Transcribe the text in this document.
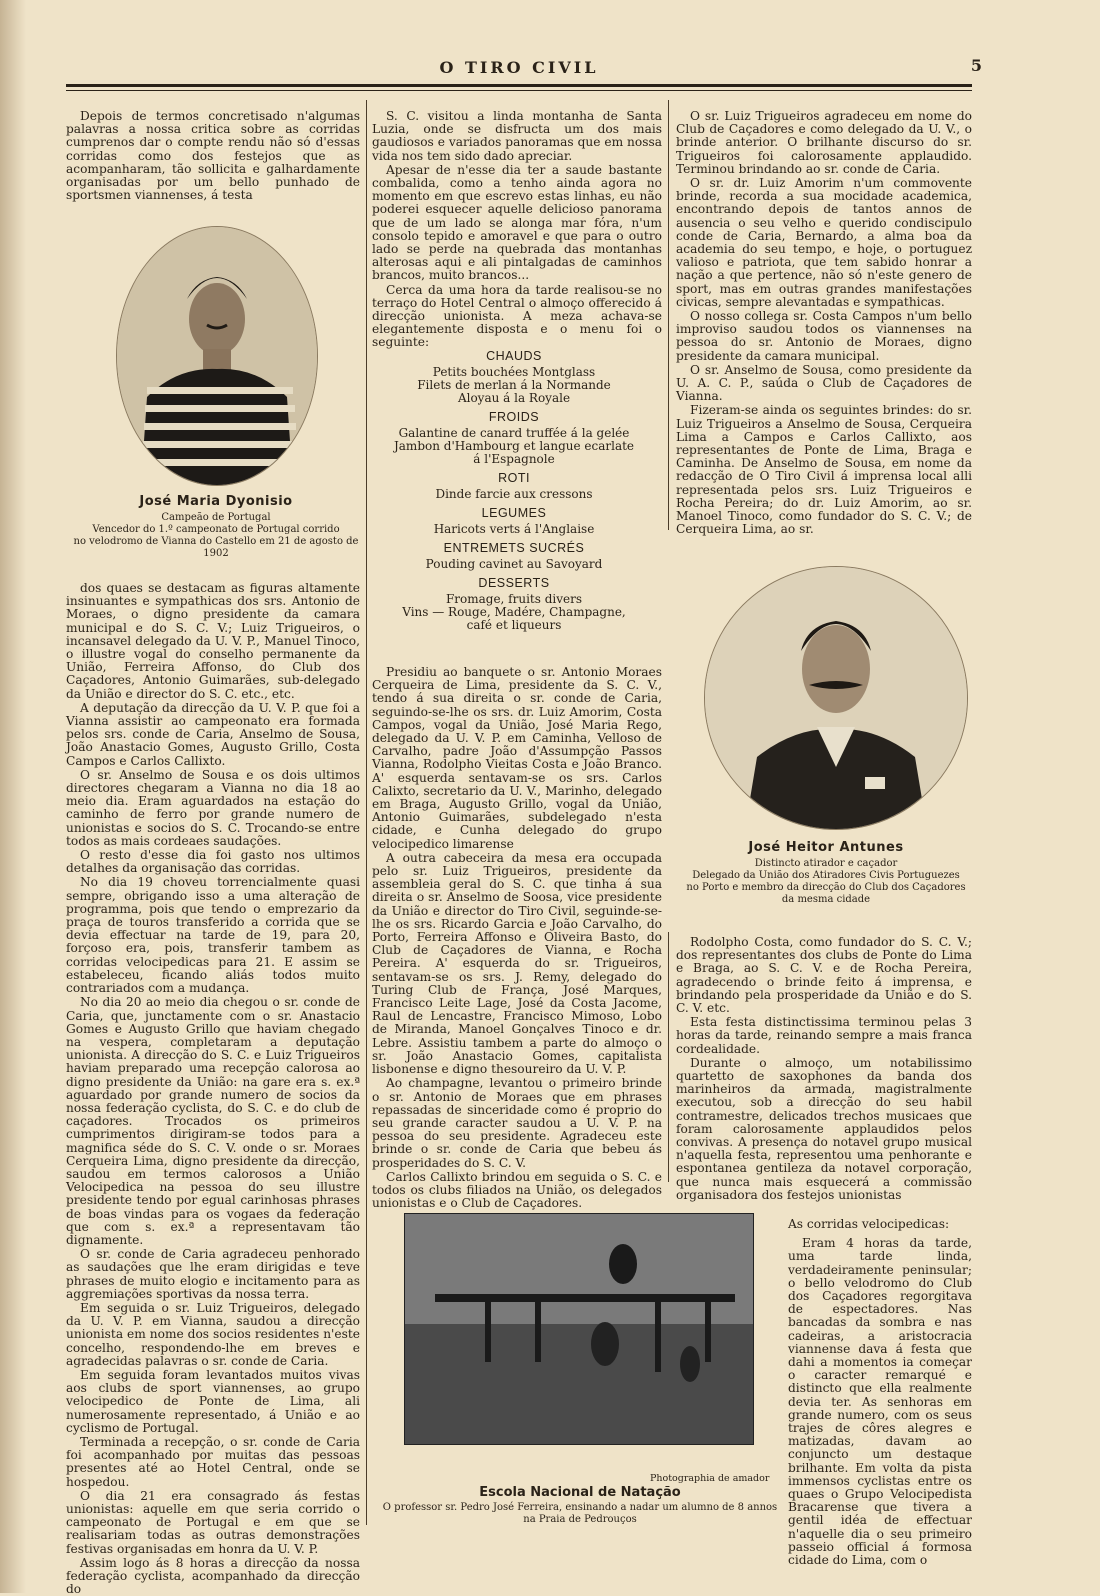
O TIRO CIVIL	5

Depois de termos concretisado n'algumas palavras a nossa critica sobre as corridas cumprenos dar o compte rendu não só d'essas corridas como dos festejos que as acompanharam, tão sollicita e galhardamente organisadas por um bello punhado de sportsmen viannenses, á testa

José Maria Dyonisio
Campeão de Portugal
Vencedor do 1.º campeonato de Portugal corrido
no velodromo de Vianna do Castello em 21 de agosto de 1902

dos quaes se destacam as figuras altamente insinuantes e sympathicas dos srs. Antonio de Moraes, o digno presidente da camara municipal e do S. C. V.; Luiz Trigueiros, o incansavel delegado da U. V. P., Manuel Tinoco, o illustre vogal do conselho permanente da União, Ferreira Affonso, do Club dos Caçadores, Antonio Guimarães, sub-delegado da União e director do S. C. etc., etc.

A deputação da direcção da U. V. P. que foi a Vianna assistir ao campeonato era formada pelos srs. conde de Caria, Anselmo de Sousa, João Anastacio Gomes, Augusto Grillo, Costa Campos e Carlos Callixto.

O sr. Anselmo de Sousa e os dois ultimos directores chegaram a Vianna no dia 18 ao meio dia. Eram aguardados na estação do caminho de ferro por grande numero de unionistas e socios do S. C. Trocando-se entre todos as mais cordeaes saudações.

O resto d'esse dia foi gasto nos ultimos detalhes da organisação das corridas.

No dia 19 choveu torrencialmente quasi sempre, obrigando isso a uma alteração de programma, pois que tendo o emprezario da praça de touros transferido a corrida que se devia effectuar na tarde de 19, para 20, forçoso era, pois, transferir tambem as corridas velocipedicas para 21. E assim se estabeleceu, ficando aliás todos muito contrariados com a mudança.

No dia 20 ao meio dia chegou o sr. conde de Caria, que, junctamente com o sr. Anastacio Gomes e Augusto Grillo que haviam chegado na vespera, completaram a deputação unionista. A direcção do S. C. e Luiz Trigueiros haviam preparado uma recepção calorosa ao digno presidente da União: na gare era s. ex.ª aguardado por grande numero de socios da nossa federação cyclista, do S. C. e do club de caçadores. Trocados os primeiros cumprimentos dirigiram-se todos para a magnifica séde do S. C. V. onde o sr. Moraes Cerqueira Lima, digno presidente da direcção, saudou em termos calorosos a União Velocipedica na pessoa do seu illustre presidente tendo por egual carinhosas phrases de boas vindas para os vogaes da federação que com s. ex.ª a representavam tão dignamente.

O sr. conde de Caria agradeceu penhorado as saudações que lhe eram dirigidas e teve phrases de muito elogio e incitamento para as aggremiações sportivas da nossa terra.

Em seguida o sr. Luiz Trigueiros, delegado da U. V. P. em Vianna, saudou a direcção unionista em nome dos socios residentes n'este concelho, respondendo-lhe em breves e agradecidas palavras o sr. conde de Caria.

Em seguida foram levantados muitos vivas aos clubs de sport viannenses, ao grupo velocipedico de Ponte de Lima, ali numerosamente representado, á União e ao cyclismo de Portugal.

Terminada a recepção, o sr. conde de Caria foi acompanhado por muitas das pessoas presentes até ao Hotel Central, onde se hospedou.

O dia 21 era consagrado ás festas unionistas: aquelle em que seria corrido o campeonato de Portugal e em que se realisariam todas as outras demonstrações festivas organisadas em honra da U. V. P.

Assim logo ás 8 horas a direcção da nossa federação cyclista, acompanhado da direcção do

S. C. visitou a linda montanha de Santa Luzia, onde se disfructa um dos mais gaudiosos e variados panoramas que em nossa vida nos tem sido dado apreciar.

Apesar de n'esse dia ter a saude bastante combalida, como a tenho ainda agora no momento em que escrevo estas linhas, eu não poderei esquecer aquelle delicioso panorama que de um lado se alonga mar fóra, n'um consolo tepido e amoravel e que para o outro lado se perde na quebrada das montanhas alterosas aqui e ali pintalgadas de caminhos brancos, muito brancos...

Cerca da uma hora da tarde realisou-se no terraço do Hotel Central o almoço offerecido á direcção unionista. A meza achava-se elegantemente disposta e o menu foi o seguinte:

CHAUDS
Petits bouchées Montglass
Filets de merlan á la Normande
Aloyau á la Royale
FROIDS
Galantine de canard truffée á la gelée
Jambon d'Hambourg et langue ecarlate
á l'Espagnole
ROTI
Dinde farcie aux cressons
LEGUMES
Haricots verts á l'Anglaise
ENTREMETS SUCRÉS
Pouding cavinet au Savoyard
DESSERTS
Fromage, fruits divers
Vins — Rouge, Madére, Champagne,
café et liqueurs

Presidiu ao banquete o sr. Antonio Moraes Cerqueira de Lima, presidente da S. C. V., tendo á sua direita o sr. conde de Caria, seguindo-se-lhe os srs. dr. Luiz Amorim, Costa Campos, vogal da União, José Maria Rego, delegado da U. V. P. em Caminha, Velloso de Carvalho, padre João d'Assumpção Passos Vianna, Rodolpho Vieitas Costa e João Branco. A' esquerda sentavam-se os srs. Carlos Calixto, secretario da U. V., Marinho, delegado em Braga, Augusto Grillo, vogal da União, Antonio Guimarães, subdelegado n'esta cidade, e Cunha delegado do grupo velocipedico limarense

A outra cabeceira da mesa era occupada pelo sr. Luiz Trigueiros, presidente da assembleia geral do S. C. que tinha á sua direita o sr. Anselmo de Soosa, vice presidente da União e director do Tiro Civil, seguinde-se-lhe os srs. Ricardo Garcia e João Carvalho, do Porto, Ferreira Affonso e Oliveira Basto, do Club de Caçadores de Vianna, e Rocha Pereira. A' esquerda do sr. Trigueiros, sentavam-se os srs. J. Remy, delegado do Turing Club de França, José Marques, Francisco Leite Lage, José da Costa Jacome, Raul de Lencastre, Francisco Mimoso, Lobo de Miranda, Manoel Gonçalves Tinoco e dr. Lebre. Assistiu tambem a parte do almoço o sr. João Anastacio Gomes, capitalista lisbonense e digno thesoureiro da U. V. P.

Ao champagne, levantou o primeiro brinde o sr. Antonio de Moraes que em phrases repassadas de sinceridade como é proprio do seu grande caracter saudou a U. V. P. na pessoa do seu presidente. Agradeceu este brinde o sr. conde de Caria que bebeu ás prosperidades do S. C. V.

Carlos Callixto brindou em seguida o S. C. e todos os clubs filiados na União, os delegados unionistas e o Club de Caçadores.

O sr. Luiz Trigueiros agradeceu em nome do Club de Caçadores e como delegado da U. V., o brinde anterior. O brilhante discurso do sr. Trigueiros foi calorosamente applaudido. Terminou brindando ao sr. conde de Caria.

O sr. dr. Luiz Amorim n'um commovente brinde, recorda a sua mocidade academica, encontrando depois de tantos annos de ausencia o seu velho e querido condiscipulo conde de Caria, Bernardo, a alma boa da academia do seu tempo, e hoje, o portuguez valioso e patriota, que tem sabido honrar a nação a que pertence, não só n'este genero de sport, mas em outras grandes manifestações civicas, sempre alevantadas e sympathicas.

O nosso collega sr. Costa Campos n'um bello improviso saudou todos os viannenses na pessoa do sr. Antonio de Moraes, digno presidente da camara municipal.

O sr. Anselmo de Sousa, como presidente da U. A. C. P., saúda o Club de Caçadores de Vianna.

Fizeram-se ainda os seguintes brindes: do sr. Luiz Trigueiros a Anselmo de Sousa, Cerqueira Lima a Campos e Carlos Callixto, aos representantes de Ponte de Lima, Braga e Caminha. De Anselmo de Sousa, em nome da redacção de O Tiro Civil á imprensa local alli representada pelos srs. Luiz Trigueiros e Rocha Pereira; do dr. Luiz Amorim, ao sr. Manoel Tinoco, como fundador do S. C. V.; de Cerqueira Lima, ao sr.

José Heitor Antunes
Distincto atirador e caçador
Delegado da União dos Atiradores Civis Portuguezes
no Porto e membro da direcção do Club dos Caçadores
da mesma cidade

Rodolpho Costa, como fundador do S. C. V.; dos representantes dos clubs de Ponte do Lima e Braga, ao S. C. V. e de Rocha Pereira, agradecendo o brinde feito á imprensa, e brindando pela prosperidade da União e do S. C. V. etc.

Esta festa distinctissima terminou pelas 3 horas da tarde, reinando sempre a mais franca cordealidade.

Durante o almoço, um notabilissimo quartetto de saxophones da banda dos marinheiros da armada, magistralmente executou, sob a direcção do seu habil contramestre, delicados trechos musicaes que foram calorosamente applaudidos pelos convivas. A presença do notavel grupo musical n'aquella festa, representou uma penhorante e espontanea gentileza da notavel corporação, que nunca mais esquecerá a commissão organisadora dos festejos unionistas

As corridas velocipedicas:

Eram 4 horas da tarde, uma tarde linda, verdadeiramente peninsular; o bello velodromo do Club dos Caçadores regorgitava de espectadores. Nas bancadas da sombra e nas cadeiras, a aristocracia viannense dava á festa que dahi a momentos ia começar o caracter remarqué e distincto que ella realmente devia ter. As senhoras em grande numero, com os seus trajes de côres alegres e matizadas, davam ao conjuncto um destaque brilhante. Em volta da pista immensos cyclistas entre os quaes o Grupo Velocipedista Bracarense que tivera a gentil idéa de effectuar n'aquelle dia o seu primeiro passeio official á formosa cidade do Lima, com o

Photographia de amador
Escola Nacional de Natação
O professor sr. Pedro José Ferreira, ensinando a nadar um alumno de 8 annos
na Praia de Pedrouços
